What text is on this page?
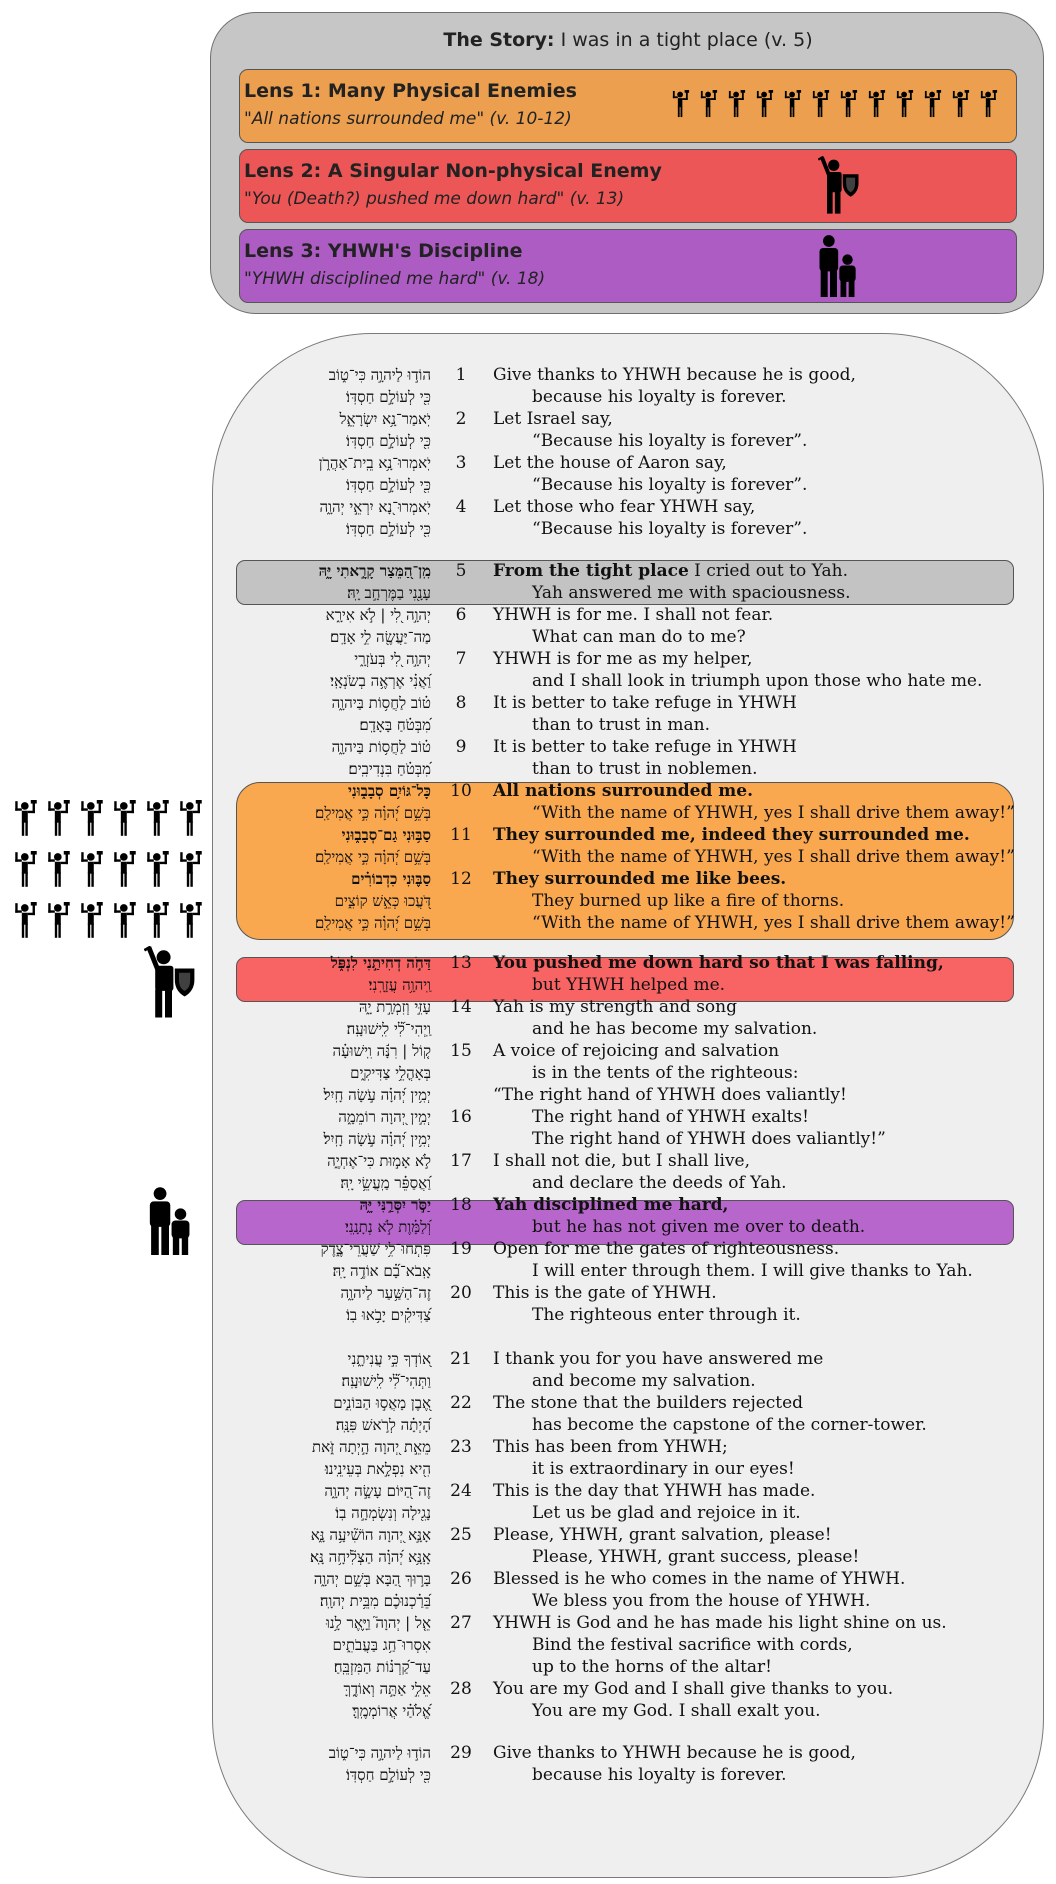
The Story: I was in a tight place (v. 5)
Lens 1: Many Physical Enemies
"All nations surrounded me" (v. 10-12)
Lens 2: A Singular Non-physical Enemy
"You (Death?) pushed me down hard" (v. 13)
Lens 3: YHWH's Discipline
"YHWH disciplined me hard" (v. 18)
הוֹד֣וּ לַיהוָ֣ה כִּי־ט֑וֹב	1	Give thanks to YHWH because he is good,
כִּ֖י לְעוֹלָ֣ם חַסְדּֽוֹ׃	because his loyalty is forever.
יֹֽאמַר־נָ֥א יִשְׂרָאֵ֑ל	2	Let Israel say,
כִּ֖י לְעוֹלָ֣ם חַסְדּֽוֹ׃	“Because his loyalty is forever”.
יֹֽאמְרוּ־נָ֥א בֵֽית־אַהֲרֹ֑ן	3	Let the house of Aaron say,
כִּ֖י לְעוֹלָ֣ם חַסְדּֽוֹ׃	“Because his loyalty is forever”.
יֹֽאמְרוּ־נָ֭א יִרְאֵ֣י יְהוָ֑ה	4	Let those who fear YHWH say,
כִּ֖י לְעוֹלָ֣ם חַסְדּֽוֹ׃	“Because his loyalty is forever”.
מִֽן־הַ֭מֵּצַר קָרָ֣אתִי יָּ֑הּ	5	From the tight place I cried out to Yah.
עָנָ֖נִי בַמֶּרְחָ֣ב יָֽהּ׃	Yah answered me with spaciousness.
יְהוָ֣ה לִ֭י | לֹ֣א אִירָ֑א	6	YHWH is for me. I shall not fear.
מַה־יַּעֲשֶׂ֖ה לִ֣י אָדָֽם׃	What can man do to me?
יְהוָ֣ה לִ֭י בְּעֹזְרָ֑י	7	YHWH is for me as my helper,
וַ֝אֲנִ֗י אֶרְאֶ֥ה בְשֹׂנְאָֽי׃	and I shall look in triumph upon those who hate me.
ט֗וֹב לַחֲס֥וֹת בַּיהוָ֑ה	8	It is better to take refuge in YHWH
מִ֝בְּטֹ֗חַ בָּאָדָֽם׃	than to trust in man.
ט֗וֹב לַחֲס֥וֹת בַּיהוָ֑ה	9	It is better to take refuge in YHWH
מִ֝בְּטֹ֗חַ בִּנְדִיבִֽים׃	than to trust in noblemen.
כָּל־גּוֹיִ֥ם סְבָב֑וּנִי 10 All nations surrounded me.
בְּשֵׁ֥ם יְ֝הוָ֗ה כִּ֣י אֲמִילַֽם׃	“With the name of YHWH, yes I shall drive them away!”
סַבּ֥וּנִי גַם־סְבָב֑וּנִי 11 They surrounded me, indeed they surrounded me.
בְּשֵׁ֥ם יְ֝הוָ֗ה כִּ֣י אֲמִילַֽם׃	“With the name of YHWH, yes I shall drive them away!”
סַבּ֪וּנִי כִדְבוֹרִ֗ים 12 They surrounded me like bees.
דֹּ֭עֲכוּ כְּאֵ֣שׁ קוֹצִ֑ים	They burned up like a fire of thorns.
בְּשֵׁ֥ם יְ֝הוָ֗ה כִּ֣י אֲמִילַֽם׃	“With the name of YHWH, yes I shall drive them away!”
דַּחֹ֣ה דְחִיתַ֣נִי לִנְפֹּ֑ל 13 You pushed me down hard so that I was falling,
וַֽיהוָ֥ה עֲזָרָֽנִי׃	but YHWH helped me.
עָזִּ֣י וְזִמְרָ֣ת יָ֑הּ 14 Yah is my strength and song
וַֽיְהִי־לִ֝֗י לִֽישׁוּעָֽה׃	and he has become my salvation.
ק֤וֹל | רִנָּ֬ה וִֽישׁוּעָ֗ה 15 A voice of rejoicing and salvation
בְּאָהֳלֵ֥י צַדִּיקִ֑ים	is in the tents of the righteous:
יְמִ֥ין יְ֝הוָ֗ה עֹ֣שָׂה חָֽיִל׃	“The right hand of YHWH does valiantly!
יְמִ֣ין יְ֭הוָה רוֹמֵמָ֑ה 16	The right hand of YHWH exalts!
יְמִ֥ין יְ֝הוָ֗ה עֹ֣שָׂה חָֽיִל׃	The right hand of YHWH does valiantly!”
לֹ֣א אָמ֣וּת כִּי־אֶחְיֶ֑ה 17 I shall not die, but I shall live,
וַ֝אֲסַפֵּ֗ר מַֽעֲשֵׂ֥י יָֽהּ׃	and declare the deeds of Yah.
יַסֹּ֣ר יִסְּרַ֣נִּי יָּ֑הּ 18 Yah disciplined me hard,
וְ֝לַמָּ֗וֶת לֹ֣א נְתָנָֽנִי׃	but he has not given me over to death.
פִּתְחוּ־לִ֥י שַׁעֲרֵי־צֶ֑דֶק 19 Open for me the gates of righteousness.
אָֽבֹא־בָ֝֗ם אוֹדֶ֥ה יָֽהּ׃	I will enter through them. I will give thanks to Yah.
זֶה־הַשַּׁ֥עַר לַיהוָ֑ה 20 This is the gate of YHWH.
צַ֝דִּיקִ֗ים יָבֹ֥אוּ בֽוֹ׃	The righteous enter through it.
א֭וֹדְךָ כִּ֣י עֲנִיתָ֑נִי 21 I thank you for you have answered me
וַתְּהִי־לִ֝֗י לִֽישׁוּעָֽה׃	and become my salvation.
אֶ֭בֶן מָאֲס֣וּ הַבּוֹנִ֑ים 22 The stone that the builders rejected
הָ֝יְתָ֗ה לְרֹ֣אשׁ פִּנָּֽה׃	has become the capstone of the corner-tower.
מֵאֵ֣ת יְ֭הוָה הָ֣יְתָה זֹּ֑את 23 This has been from YHWH;
הִ֖יא נִפְלָ֣את בְּעֵינֵֽינוּ׃	it is extraordinary in our eyes!
זֶה־הַ֭יּוֹם עָשָׂ֣ה יְהוָ֑ה 24 This is the day that YHWH has made.
נָגִ֖ילָה וְנִשְׂמְחָ֣ה בֽוֹ׃	Let us be glad and rejoice in it.
אָנָּ֣א יְ֭הוָה הוֹשִׁ֘יעָ֥ה נָּ֑א 25 Please, YHWH, grant salvation, please!
אָֽנָּ֥א יְ֝הוָ֗ה הַצְלִ֘יחָ֥ה נָּֽא׃	Please, YHWH, grant success, please!
בָּר֣וּךְ הַ֭בָּא בְּשֵׁ֣ם יְהוָ֑ה 26 Blessed is he who comes in the name of YHWH.
בֵּ֝רַ֗כְנוּכֶ֗ם מִבֵּ֥ית יְהוָֽה׃	We bless you from the house of YHWH.
אֵ֤ל | יְהוָה֮ וַיָּ֪אֶר לָ֥נוּ 27 YHWH is God and he has made his light shine on us.
אִסְרוּ־חַ֥ג בַּעֲבֹתִ֑ים	Bind the festival sacrifice with cords,
עַד־קַ֝רְנ֗וֹת הַמִּזְבֵּֽחַ׃	up to the horns of the altar!
אֵלִ֣י אַתָּ֣ה וְאוֹדֶ֑ךָּ 28 You are my God and I shall give thanks to you.
אֱ֝לֹהַ֗י אֲרוֹמְמֶֽךָּ׃	You are my God. I shall exalt you.
הוֹד֣וּ לַיהוָ֣ה כִּי־ט֑וֹב 29 Give thanks to YHWH because he is good,
כִּ֖י לְעוֹלָ֣ם חַסְדּֽוֹ׃	because his loyalty is forever.
